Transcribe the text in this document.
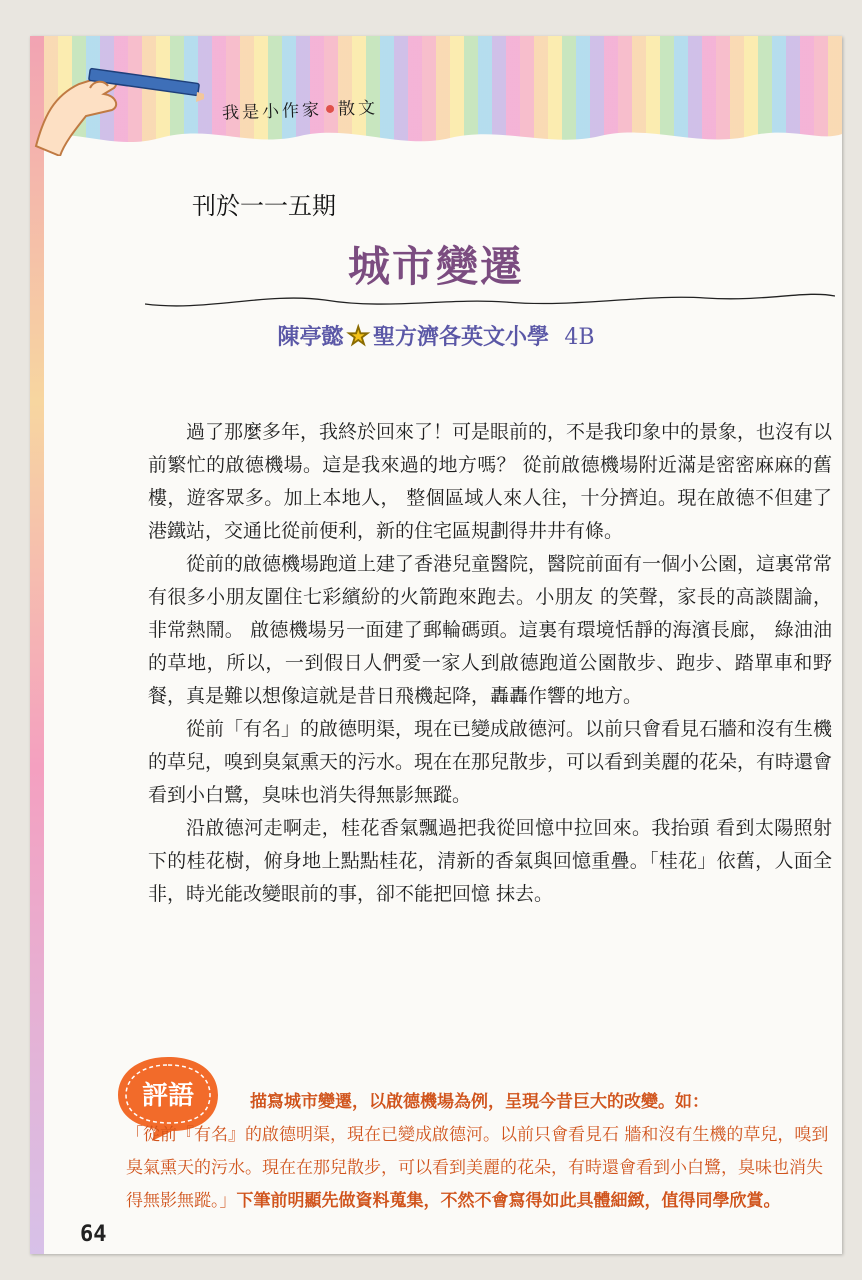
我是小作家 散文
刊於一一五期
城市變遷
陳亭懿 ★ 聖方濟各英文小學 4B

過了那麼多年，我終於回來了！可是眼前的，不是我印象中的景象，也沒有以前繁忙的啟德機場。這是我來過的地方嗎？ 從前啟德機場附近滿是密密麻麻的舊樓，遊客眾多。加上本地人， 整個區域人來人往，十分擠迫。現在啟德不但建了港鐵站，交通比從前便利，新的住宅區規劃得井井有條。

從前的啟德機場跑道上建了香港兒童醫院，醫院前面有一個小公園，這裏常常有很多小朋友圍住七彩繽紛的火箭跑來跑去。小朋友 的笑聲，家長的高談闊論，非常熱鬧。 啟德機場另一面建了郵輪碼頭。這裏有環境恬靜的海濱長廊， 綠油油的草地，所以，一到假日人們愛一家人到啟德跑道公園散步、跑步、踏單車和野餐，真是難以想像這就是昔日飛機起降，轟轟作響的地方。

從前「有名」的啟德明渠，現在已變成啟德河。以前只會看見石牆和沒有生機的草兒，嗅到臭氣熏天的污水。現在在那兒散步，可以看到美麗的花朵，有時還會看到小白鷺，臭味也消失得無影無蹤。

沿啟德河走啊走，桂花香氣飄過把我從回憶中拉回來。我抬頭 看到太陽照射下的桂花樹，俯身地上點點桂花，清新的香氣與回憶重疊。「桂花」依舊，人面全非，時光能改變眼前的事，卻不能把回憶 抹去。

評語	描寫城市變遷，以啟德機場為例，呈現今昔巨大的改變。如：
「從前『有名』的啟德明渠，現在已變成啟德河。以前只會看見石 牆和沒有生機的草兒，嗅到臭氣熏天的污水。現在在那兒散步，可以看到美麗的花朵，有時還會看到小白鷺，臭味也消失得無影無蹤。」下筆前明顯先做資料蒐集，不然不會寫得如此具體細緻，值得同學欣賞。
64
